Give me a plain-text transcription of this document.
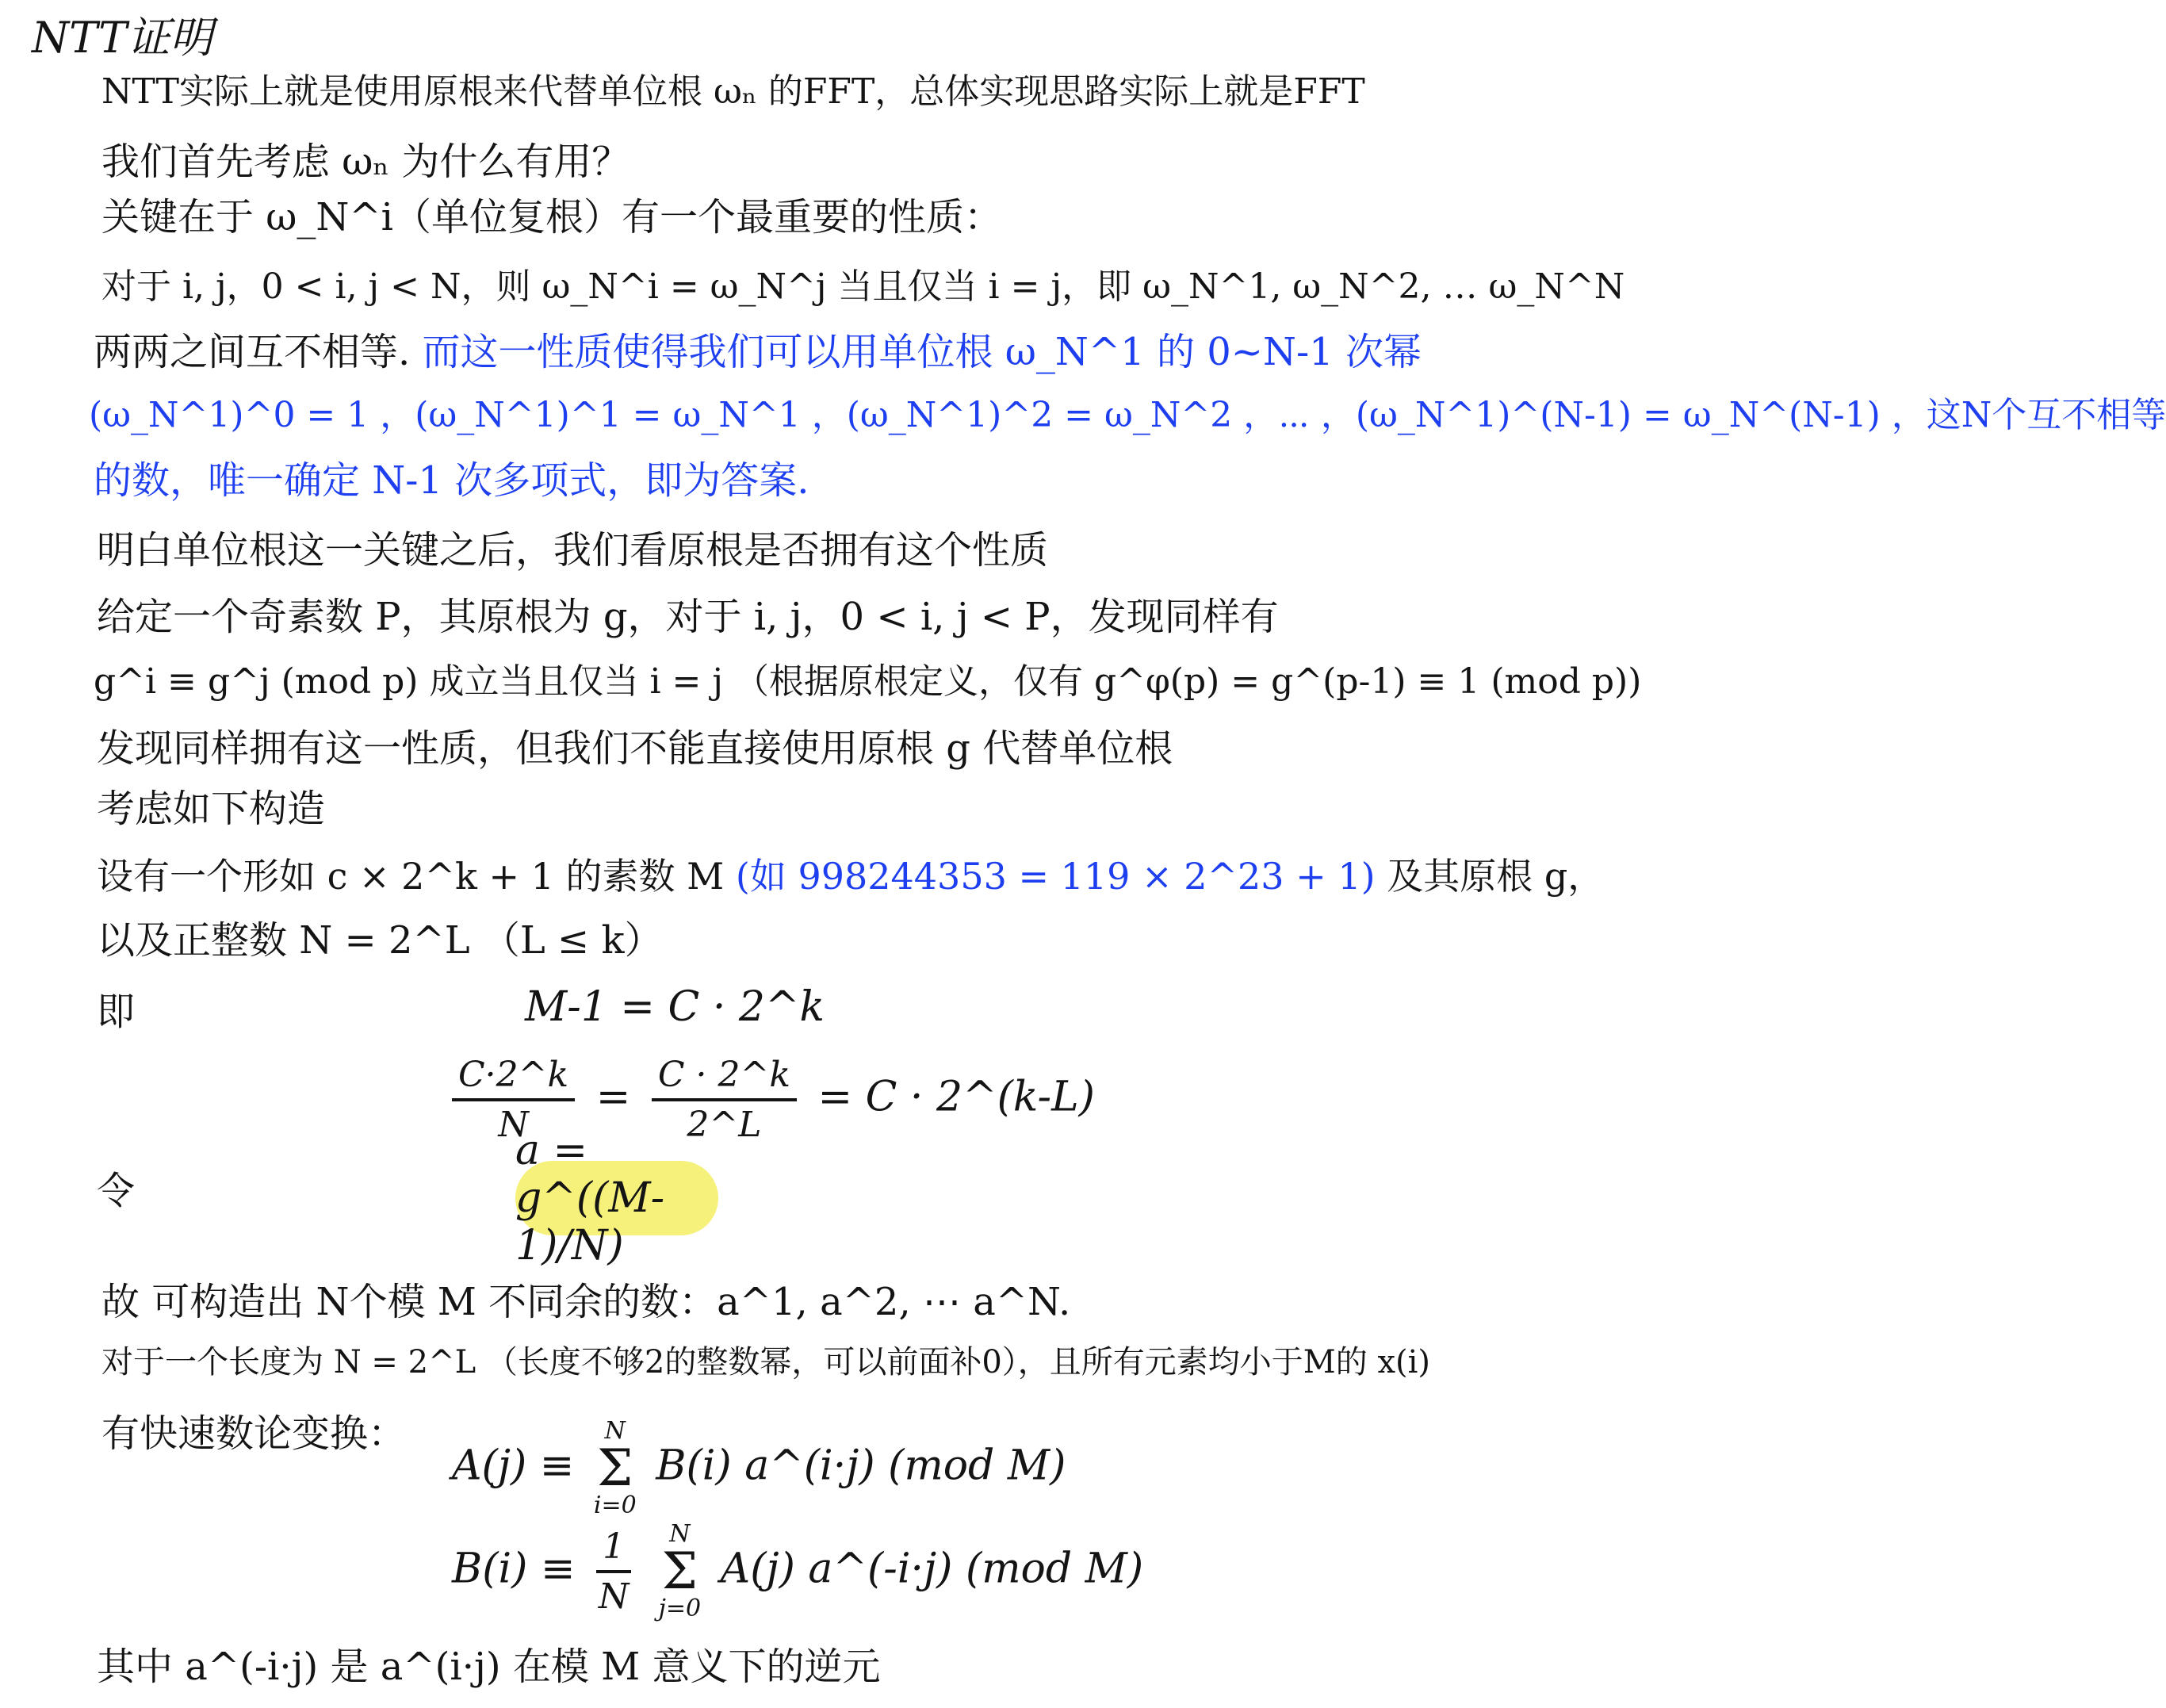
NTT证明
NTT实际上就是使用原根来代替单位根 ωₙ 的FFT，总体实现思路实际上就是FFT
我们首先考虑 ωₙ 为什么有用？
关键在于 ω_N^i（单位复根）有一个最重要的性质：
对于 i, j，0 < i, j < N，则 ω_N^i = ω_N^j 当且仅当 i = j，即 ω_N^1, ω_N^2, … ω_N^N
两两之间互不相等. 而这一性质使得我们可以用单位根 ω_N^1 的 0~N-1 次幂
(ω_N^1)^0 = 1 ，(ω_N^1)^1 = ω_N^1 ，(ω_N^1)^2 = ω_N^2 ，⋯ ，(ω_N^1)^(N-1) = ω_N^(N-1) ，这N个互不相等
的数，唯一确定 N-1 次多项式，即为答案.
明白单位根这一关键之后，我们看原根是否拥有这个性质
给定一个奇素数 P，其原根为 g，对于 i, j，0 < i, j < P，发现同样有
g^i ≡ g^j (mod p) 成立当且仅当 i = j （根据原根定义，仅有 g^φ(p) = g^(p-1) ≡ 1 (mod p))
发现同样拥有这一性质，但我们不能直接使用原根 g 代替单位根
考虑如下构造
设有一个形如 c × 2^k + 1 的素数 M (如 998244353 = 119 × 2^23 + 1) 及其原根 g，
以及正整数 N = 2^L （L ≤ k）
即	M-1 = C · 2^k
$\frac{C\cdot 2\^{}k}{N} = \frac{C \cdot 2\^{}k}{2\^{}L} = C$ · 2^(k-L)
令
a = g^((M-1)/N)
故 可构造出 N个模 M 不同余的数：a^1, a^2, ⋯ a^N.
对于一个长度为 N = 2^L （长度不够2的整数幂，可以前面补0），且所有元素均小于M的 x(i)
有快速数论变换：
A(j) ≡
N
Σ
i=0
B(i) a^(i·j) (mod M)
$B(i) \equiv \frac{1}{N}$
N
Σ
j=0
A(j) a^(-i·j) (mod M)
其中 a^(-i·j) 是 a^(i·j) 在模 M 意义下的逆元
